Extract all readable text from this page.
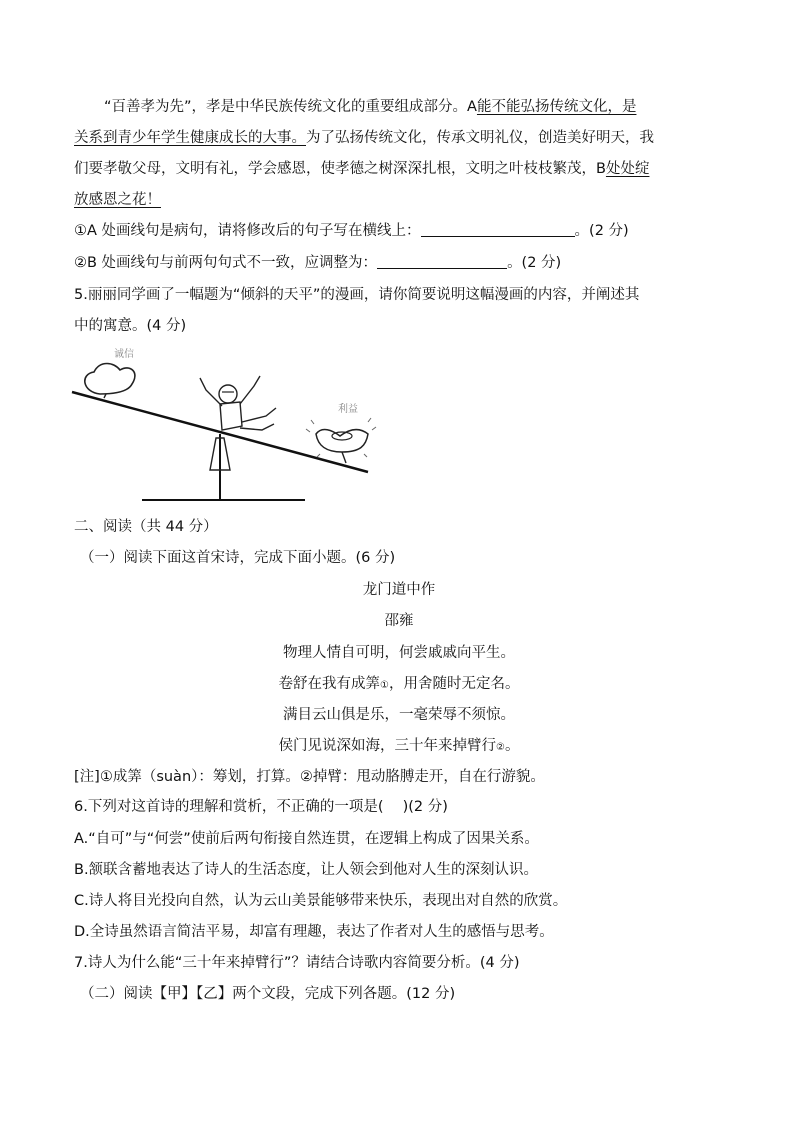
“百善孝为先”，孝是中华民族传统文化的重要组成部分。A能不能弘扬传统文化，是
关系到青少年学生健康成长的大事。为了弘扬传统文化，传承文明礼仪，创造美好明天，我
们要孝敬父母，文明有礼，学会感恩，使孝德之树深深扎根，文明之叶枝枝繁茂，B处处绽
放感恩之花！
①A 处画线句是病句，请将修改后的句子写在横线上：	。(2 分)
②B 处画线句与前两句句式不一致，应调整为：	。(2 分)
5.丽丽同学画了一幅题为“倾斜的天平”的漫画，请你简要说明这幅漫画的内容，并阐述其
中的寓意。(4 分)
诚信
利益
二、阅读（共 44 分）
（一）阅读下面这首宋诗，完成下面小题。(6 分)
龙门道中作
邵雍
物理人情自可明，何尝戚戚向平生。
卷舒在我有成筭①，用舍随时无定名。
满目云山俱是乐，一毫荣辱不须惊。
侯门见说深如海，三十年来掉臂行②。
[注]①成筭（suàn）：筹划，打算。②掉臂：甩动胳膊走开，自在行游貌。
6.下列对这首诗的理解和赏析，不正确的一项是(　 )(2 分)
A.“自可”与“何尝”使前后两句衔接自然连贯，在逻辑上构成了因果关系。
B.颔联含蓄地表达了诗人的生活态度，让人领会到他对人生的深刻认识。
C.诗人将目光投向自然，认为云山美景能够带来快乐，表现出对自然的欣赏。
D.全诗虽然语言简洁平易，却富有理趣，表达了作者对人生的感悟与思考。
7.诗人为什么能“三十年来掉臂行”？请结合诗歌内容简要分析。(4 分)
（二）阅读【甲】【乙】两个文段，完成下列各题。(12 分)
